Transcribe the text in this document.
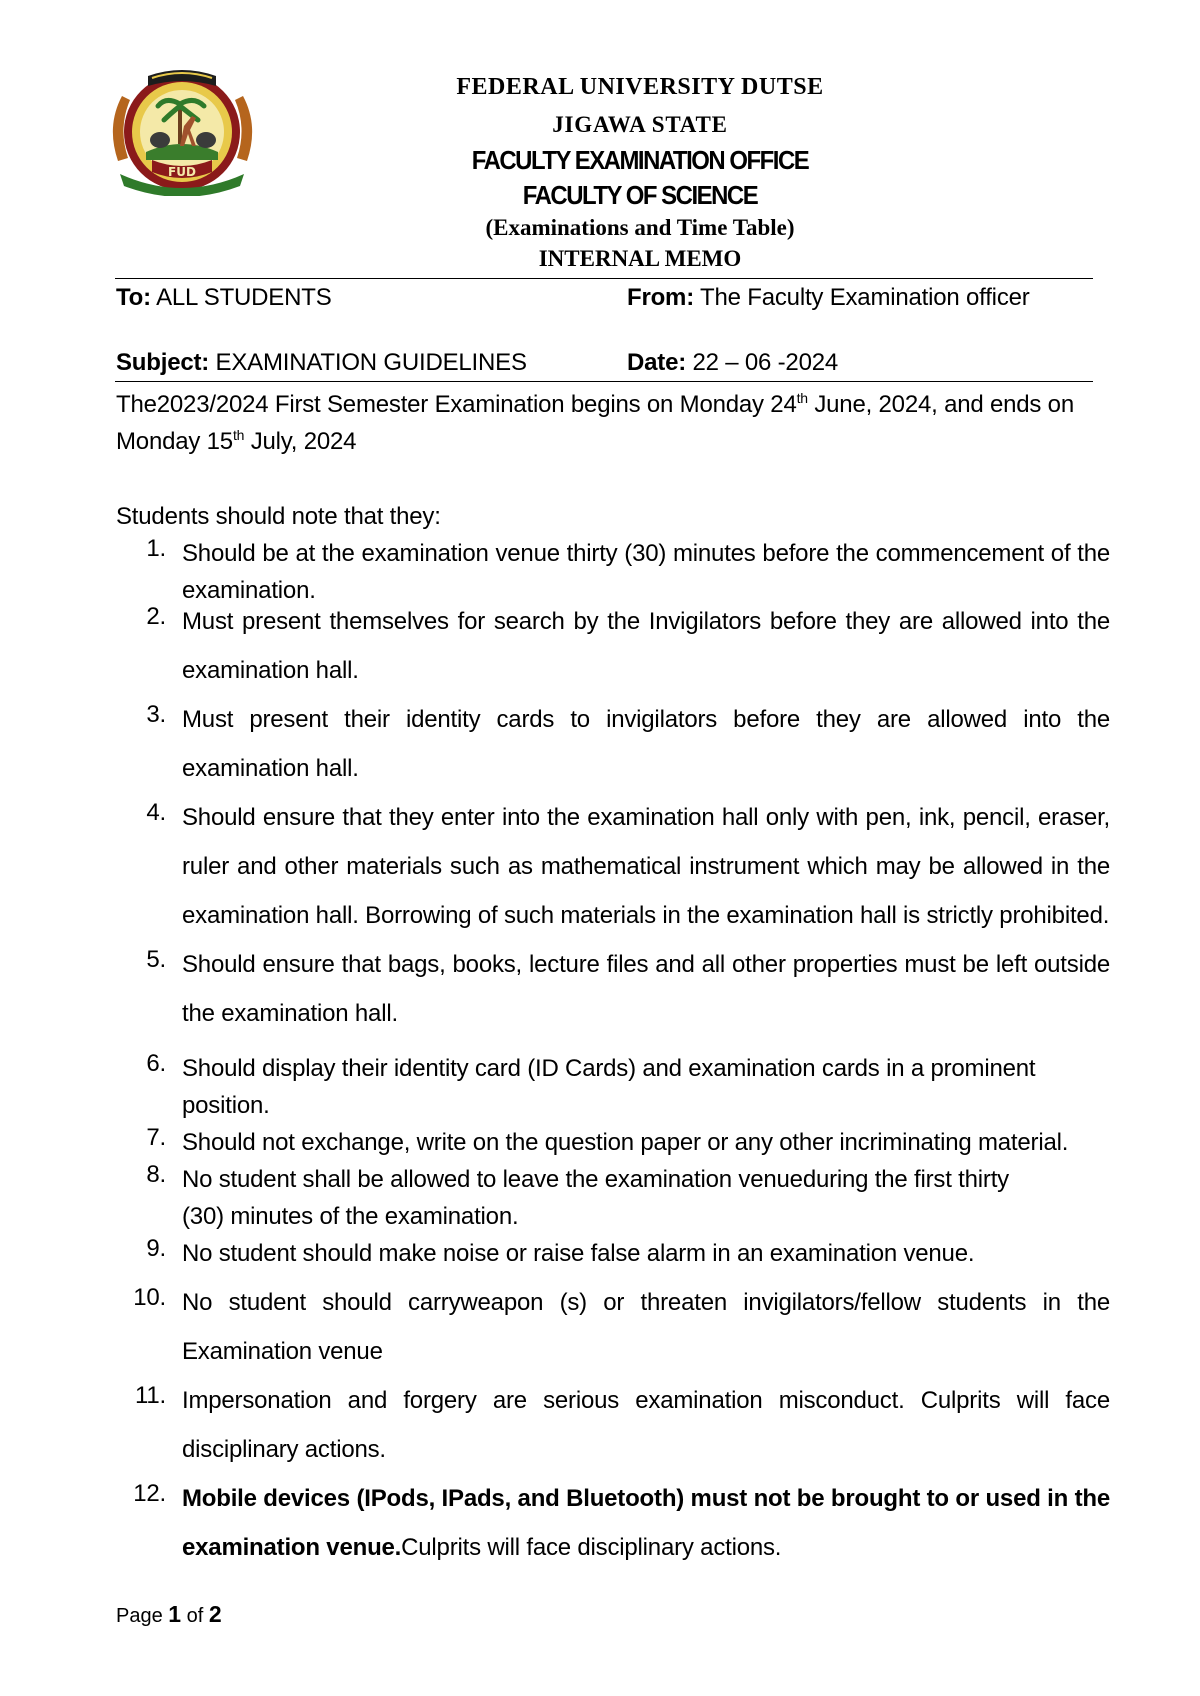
FUD
FEDERAL UNIVERSITY DUTSE
JIGAWA STATE
FACULTY EXAMINATION OFFICE
FACULTY OF SCIENCE
(Examinations and Time Table)
INTERNAL MEMO
To: ALL STUDENTS	From: The Faculty Examination officer
Subject: EXAMINATION GUIDELINES	Date: 22 – 06 -2024
The2023/2024 First Semester Examination begins on Monday 24th June, 2024, and ends on Monday 15th July, 2024
Students should note that they:
1. Should be at the examination venue thirty (30) minutes before the commencement of the examination.
2. Must present themselves for search by the Invigilators before they are allowed into the examination hall.
3. Must present their identity cards to invigilators before they are allowed into the examination hall.
4. Should ensure that they enter into the examination hall only with pen, ink, pencil, eraser, ruler and other materials such as mathematical instrument which may be allowed in the examination hall. Borrowing of such materials in the examination hall is strictly prohibited.
5. Should ensure that bags, books, lecture files and all other properties must be left outside the examination hall.
6. Should display their identity card (ID Cards) and examination cards in a prominent position.
7. Should not exchange, write on the question paper or any other incriminating material.
8. No student shall be allowed to leave the examination venueduring the first thirty (30) minutes of the examination.
9. No student should make noise or raise false alarm in an examination venue.
10. No student should carryweapon (s) or threaten invigilators/fellow students in the Examination venue
11. Impersonation and forgery are serious examination misconduct. Culprits will face disciplinary actions.
12. Mobile devices (IPods, IPads, and Bluetooth) must not be brought to or used in the examination venue.Culprits will face disciplinary actions.
Page 1 of 2
